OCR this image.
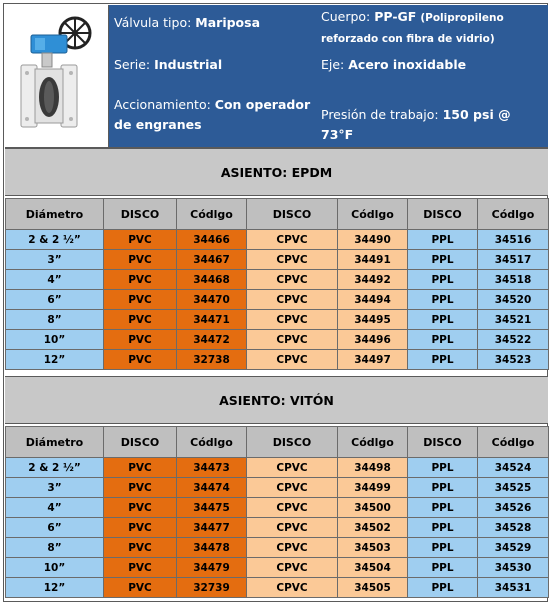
Válvula tipo: Mariposa
Serie: Industrial
Accionamiento: Con operador de engranes
Cuerpo: PP-GF (Polipropileno reforzado con fibra de vidrio)
Eje: Acero inoxidable
Presión de trabajo: 150 psi @ 73°F
ASIENTO: EPDM
Diámetro	DISCO	Códlgo	DISCO	Códlgo	DISCO	Códlgo
2 & 2 ½”	PVC	34466	CPVC	34490	PPL	34516
3”	PVC	34467	CPVC	34491	PPL	34517
4”	PVC	34468	CPVC	34492	PPL	34518
6”	PVC	34470	CPVC	34494	PPL	34520
8”	PVC	34471	CPVC	34495	PPL	34521
10”	PVC	34472	CPVC	34496	PPL	34522
12”	PVC	32738	CPVC	34497	PPL	34523
ASIENTO: VITÓN
Diámetro	DISCO	Códlgo	DISCO	Códlgo	DISCO	Códlgo
2 & 2 ½”	PVC	34473	CPVC	34498	PPL	34524
3”	PVC	34474	CPVC	34499	PPL	34525
4”	PVC	34475	CPVC	34500	PPL	34526
6”	PVC	34477	CPVC	34502	PPL	34528
8”	PVC	34478	CPVC	34503	PPL	34529
10”	PVC	34479	CPVC	34504	PPL	34530
12”	PVC	32739	CPVC	34505	PPL	34531
